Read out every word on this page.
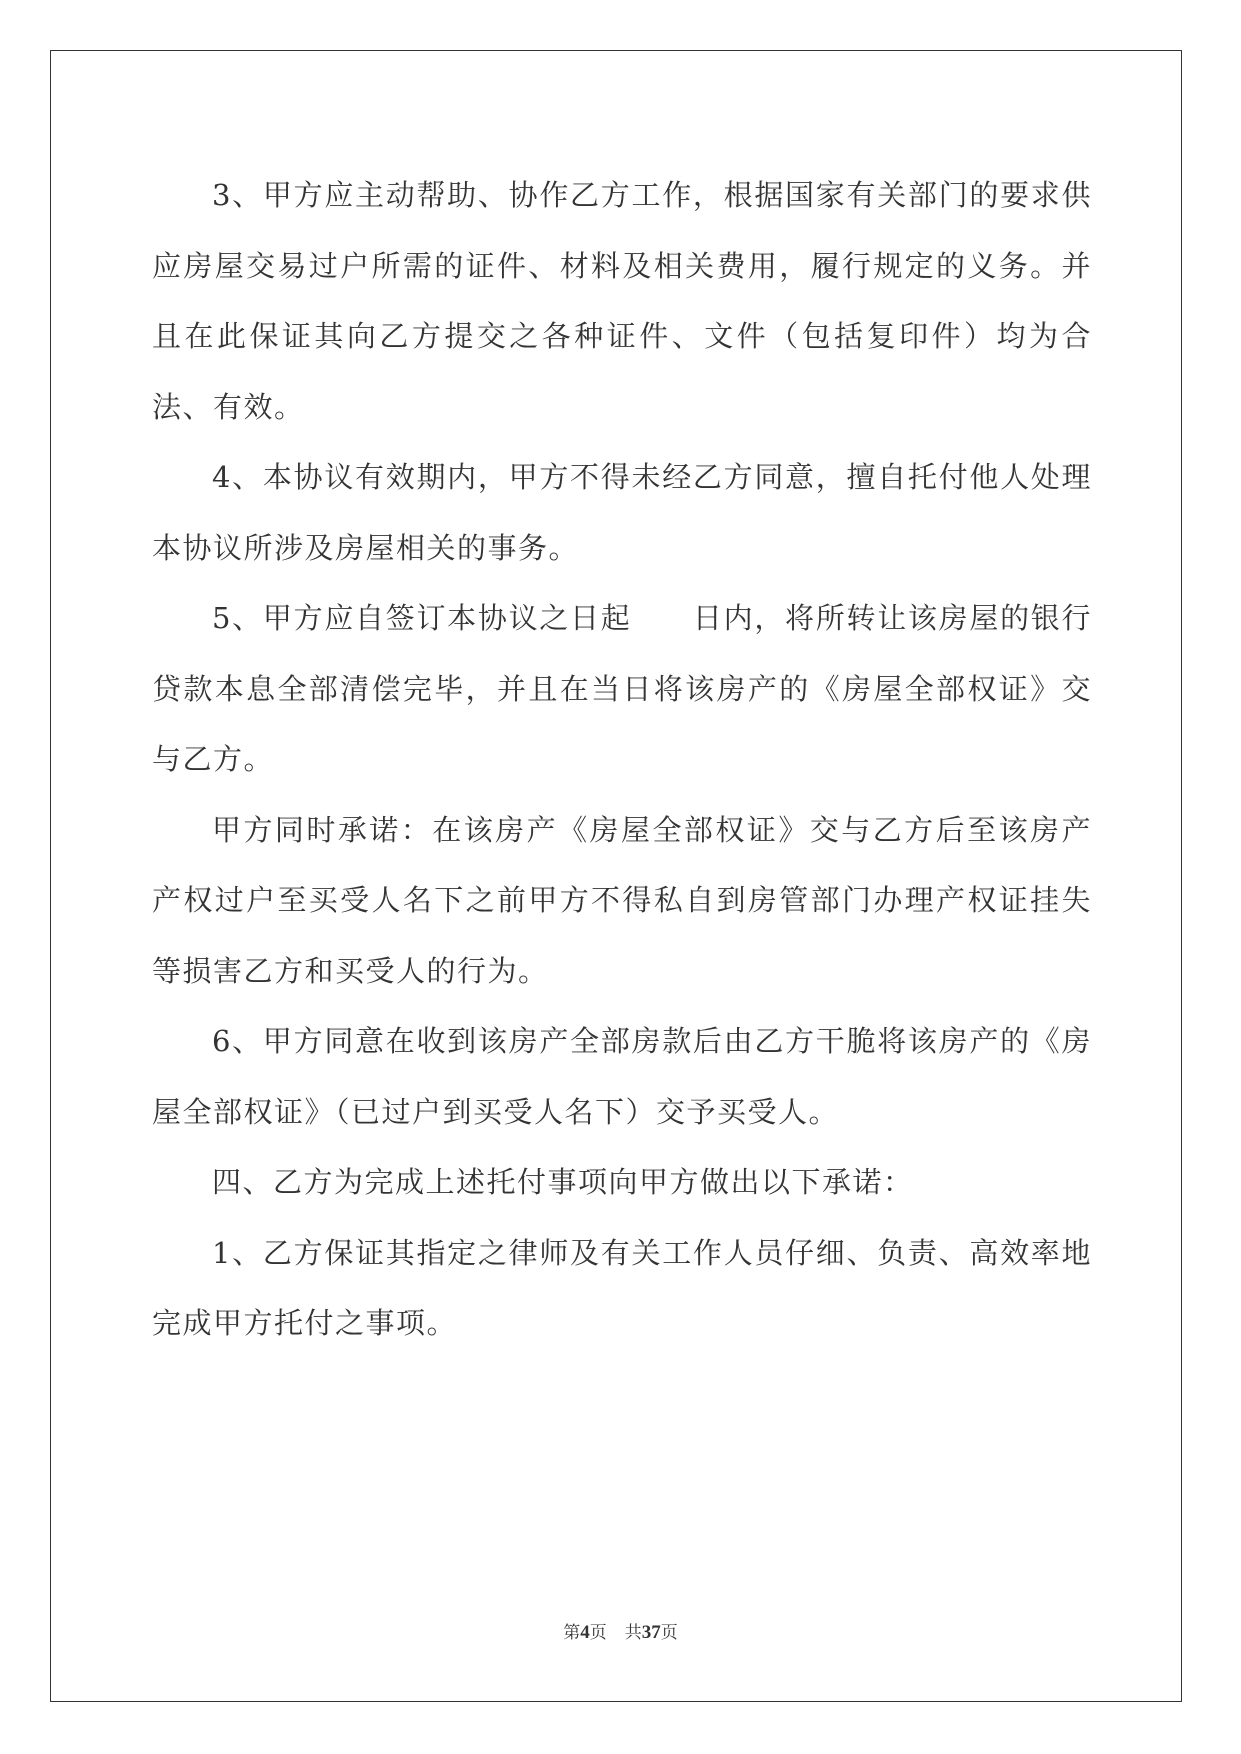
3、甲方应主动帮助、协作乙方工作，根据国家有关部门的要求供应房屋交易过户所需的证件、材料及相关费用，履行规定的义务。并且在此保证其向乙方提交之各种证件、文件（包括复印件）均为合法、有效。

4、本协议有效期内，甲方不得未经乙方同意，擅自托付他人处理本协议所涉及房屋相关的事务。

5、甲方应自签订本协议之日起　　日内，将所转让该房屋的银行贷款本息全部清偿完毕，并且在当日将该房产的《房屋全部权证》交与乙方。

甲方同时承诺：在该房产《房屋全部权证》交与乙方后至该房产产权过户至买受人名下之前甲方不得私自到房管部门办理产权证挂失等损害乙方和买受人的行为。

6、甲方同意在收到该房产全部房款后由乙方干脆将该房产的《房屋全部权证》（已过户到买受人名下）交予买受人。

四、乙方为完成上述托付事项向甲方做出以下承诺：

1、乙方保证其指定之律师及有关工作人员仔细、负责、高效率地完成甲方托付之事项。

第4页 共37页
